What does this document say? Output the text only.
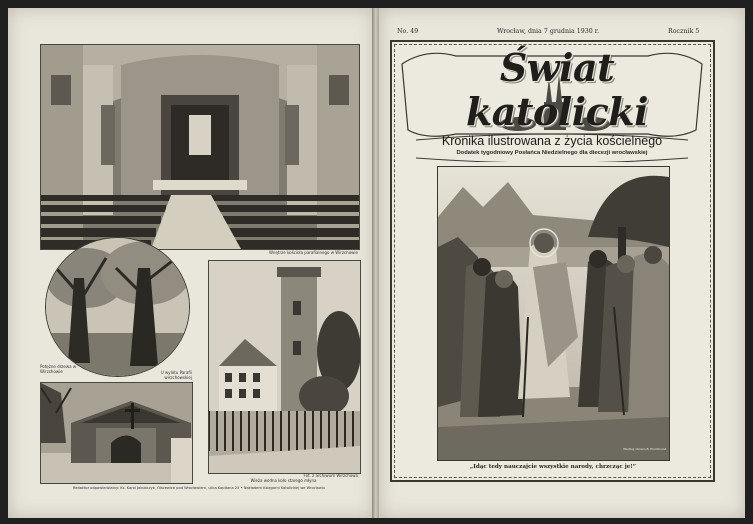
Wnętrze kościoła parafialnego w Wirzchowie
Potężne drzewa w Wirzchowie	U wylotu Parafii wirzchowskiej
Fot. z archiwum Wirzchowa
Wieża wodna koło starego młyna
Redaktor odpowiedzialny: Ks. Karol Jakubczyk, Olszewice pod Wrocławiem, ulica Kapitana 25 • Nakładem Księgarni Katolickiej we Wrocławiu
No. 49	Wrocław, dnia 7 grudnia 1930 r.	Rocznik 5
Świat katolicki
Kronika ilustrowana z życia kościelnego
Dodatek tygodniowy Posłańca Niedzielnego dla diecezji wrocławskiej
Według obrazu B. Plockhorst
„Idąc tedy nauczajcie wszystkie narody, chrzcząc je!”
